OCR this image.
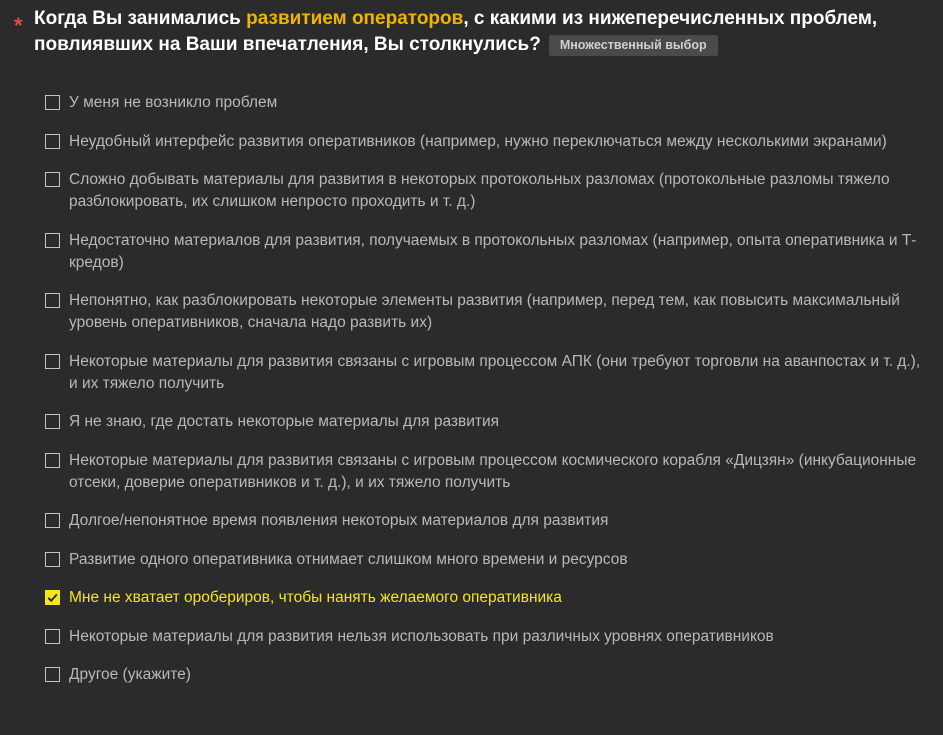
* Когда Вы занимались развитием операторов, с какими из нижеперечисленных проблем, повлиявших на Ваши впечатления, Вы столкнулись? Множественный выбор
У меня не возникло проблем
Неудобный интерфейс развития оперативников (например, нужно переключаться между несколькими экранами)
Сложно добывать материалы для развития в некоторых протокольных разломах (протокольные разломы тяжело разблокировать, их слишком непросто проходить и т. д.)
Недостаточно материалов для развития, получаемых в протокольных разломах (например, опыта оперативника и Т-кредов)
Непонятно, как разблокировать некоторые элементы развития (например, перед тем, как повысить максимальный уровень оперативников, сначала надо развить их)
Некоторые материалы для развития связаны с игровым процессом АПК (они требуют торговли на аванпостах и т. д.), и их тяжело получить
Я не знаю, где достать некоторые материалы для развития
Некоторые материалы для развития связаны с игровым процессом космического корабля «Дицзян» (инкубационные отсеки, доверие оперативников и т. д.), и их тяжело получить
Долгое/непонятное время появления некоторых материалов для развития
Развитие одного оперативника отнимает слишком много времени и ресурсов
Мне не хватает оробериров, чтобы нанять желаемого оперативника
Некоторые материалы для развития нельзя использовать при различных уровнях оперативников
Другое (укажите)
